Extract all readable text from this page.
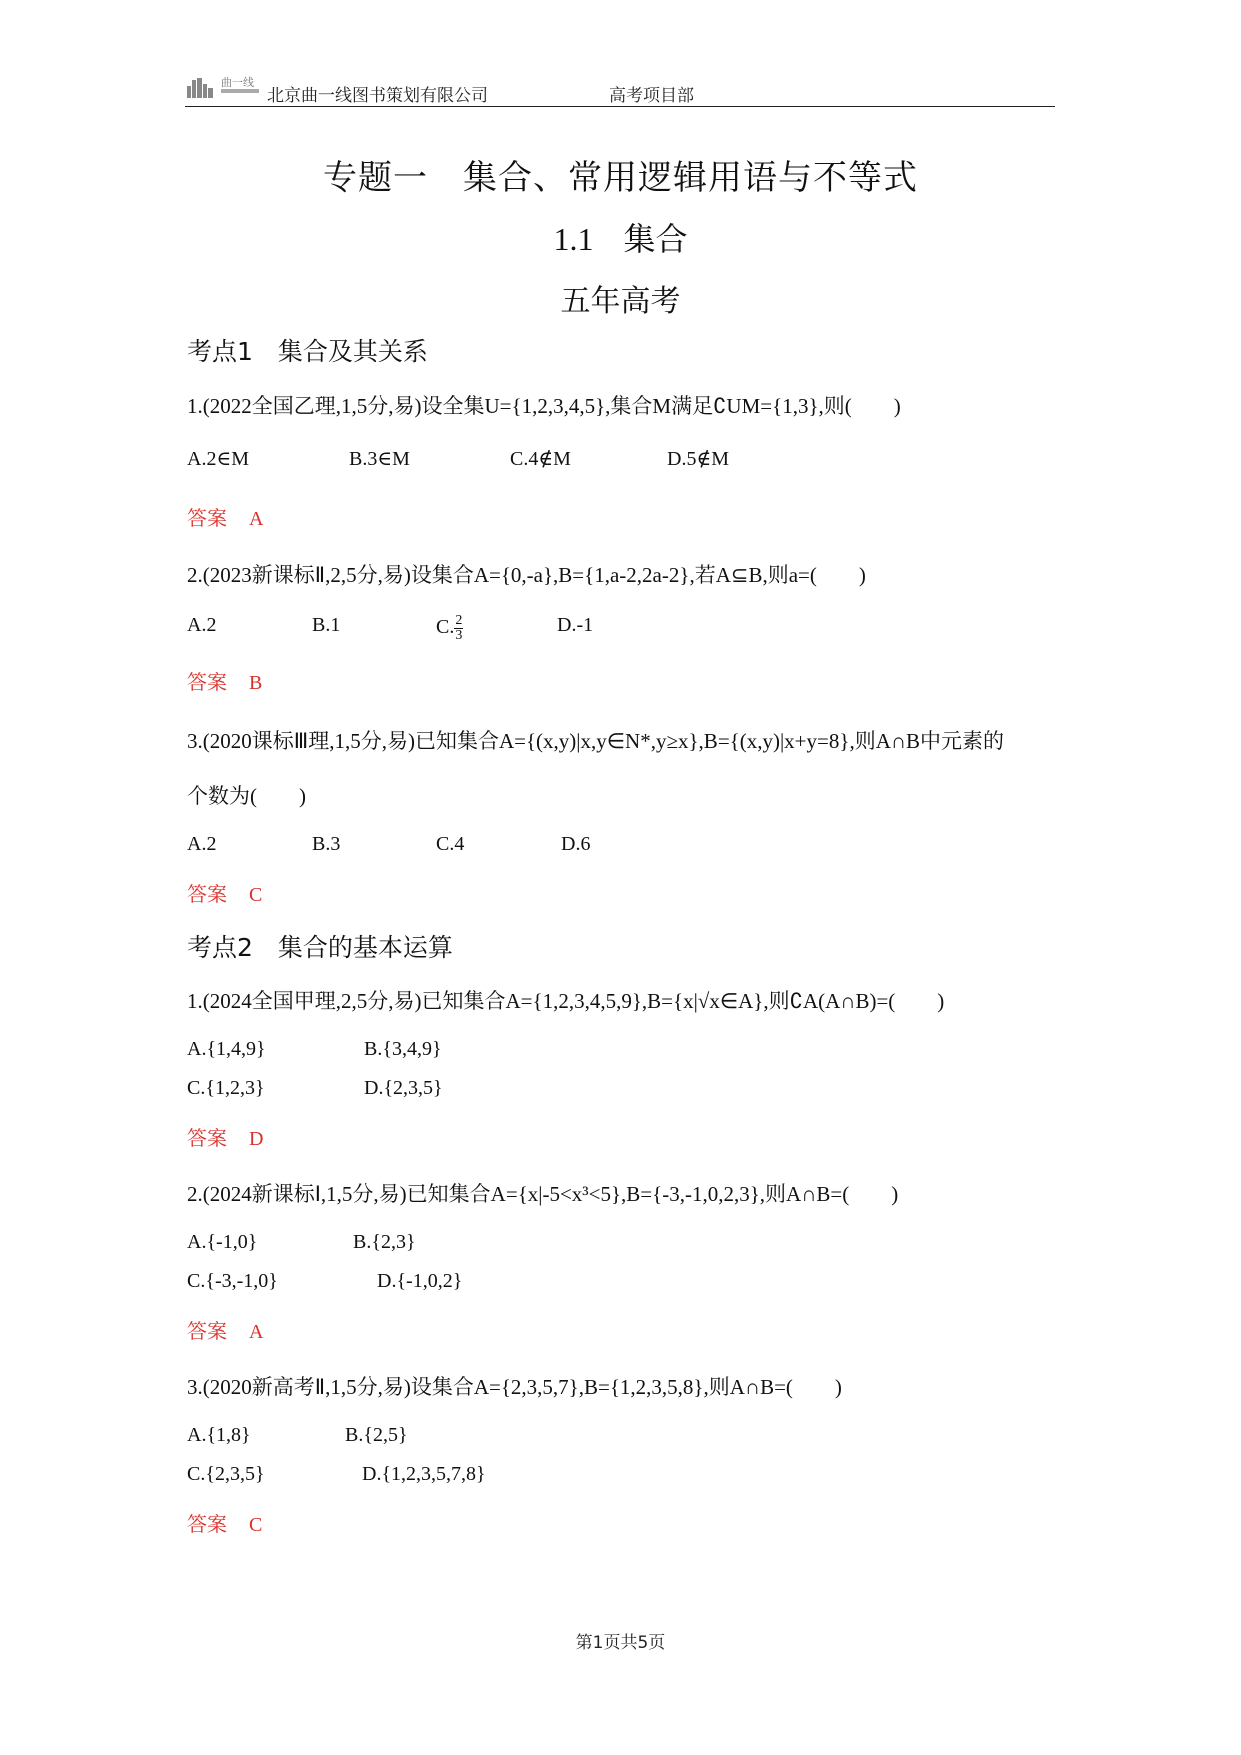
曲一线
北京曲一线图书策划有限公司	高考项目部
专题一　集合、常用逻辑用语与不等式
1.1 集合
五年高考
考点1　 集合及其关系
1.(2022全国乙理,1,5分,易)设全集U={1,2,3,4,5},集合M满足∁UM={1,3},则(　　)
A.2∈M	B.3∈M	C.4∉M	D.5∉M
答案 A
2.(2023新课标Ⅱ,2,5分,易)设集合A={0,-a},B={1,a-2,2a-2},若A⊆B,则a=(　　)
A.2	B.1	C. $\frac{2}{3}$	D.-1
答案 B
3.(2020课标Ⅲ理,1,5分,易)已知集合A={(x,y)|x,y∈N*,y≥x},B={(x,y)|x+y=8},则A∩B中元素的
个数为(　　)
A.2	B.3	C.4	D.6
答案 C
考点2　 集合的基本运算
1.(2024全国甲理,2,5分,易)已知集合A={1,2,3,4,5,9},B={x|√x∈A},则∁A(A∩B)=(　　)
A.{1,4,9}	B.{3,4,9}
C.{1,2,3}	D.{2,3,5}
答案 D
2.(2024新课标Ⅰ,1,5分,易)已知集合A={x|-5<x³<5},B={-3,-1,0,2,3},则A∩B=(　　)
A.{-1,0}	B.{2,3}
C.{-3,-1,0}	D.{-1,0,2}
答案 A
3.(2020新高考Ⅱ,1,5分,易)设集合A={2,3,5,7},B={1,2,3,5,8},则A∩B=(　　)
A.{1,8}	B.{2,5}
C.{2,3,5}	D.{1,2,3,5,7,8}
答案 C
第1页共5页
